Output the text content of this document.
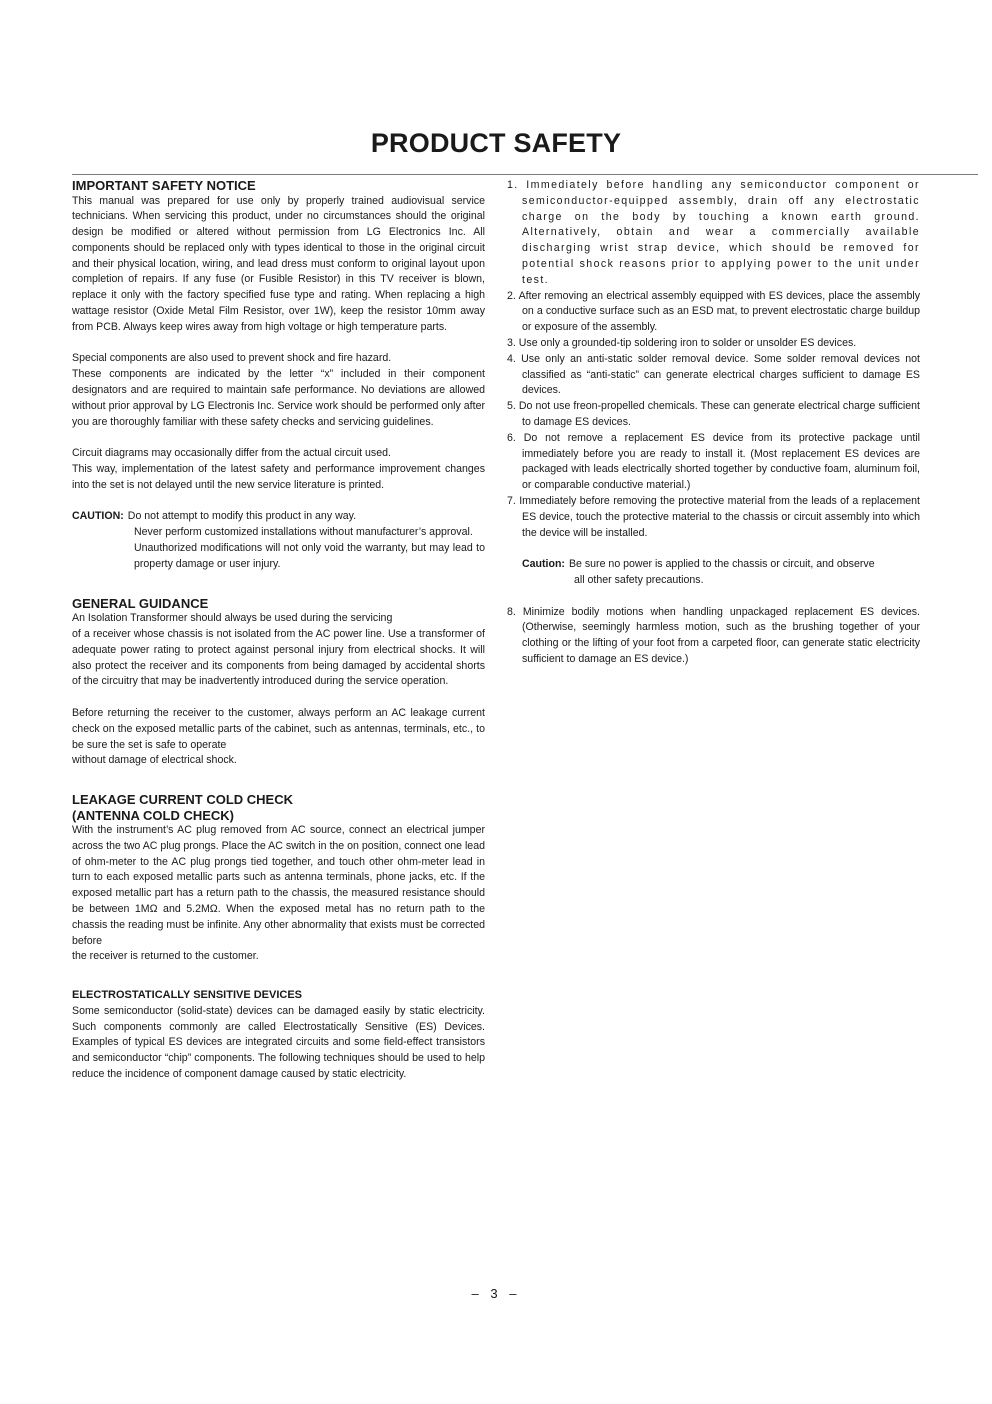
PRODUCT SAFETY
IMPORTANT SAFETY NOTICE

This manual was prepared for use only by properly trained audiovisual service technicians. When servicing this product, under no circumstances should the original design be modified or altered without permission from LG Electronics Inc. All components should be replaced only with types identical to those in the original circuit and their physical location, wiring, and lead dress must conform to original layout upon completion of repairs. If any fuse (or Fusible Resistor) in this TV receiver is blown, replace it only with the factory specified fuse type and rating. When replacing a high wattage resistor (Oxide Metal Film Resistor, over 1W), keep the resistor 10mm away from PCB. Always keep wires away from high voltage or high temperature parts.

Special components are also used to prevent shock and fire hazard.

These components are indicated by the letter “x” included in their component designators and are required to maintain safe performance. No deviations are allowed without prior approval by LG Electronis Inc. Service work should be performed only after you are thoroughly familiar with these safety checks and servicing guidelines.

Circuit diagrams may occasionally differ from the actual circuit used.

This way, implementation of the latest safety and performance improvement changes into the set is not delayed until the new service literature is printed.

CAUTION: Do not attempt to modify this product in any way.

Never perform customized installations without manufacturer’s approval.

Unauthorized modifications will not only void the warranty, but may lead to property damage or user injury.

GENERAL GUIDANCE

An Isolation Transformer should always be used during the servicing

of a receiver whose chassis is not isolated from the AC power line. Use a transformer of adequate power rating to protect against personal injury from electrical shocks. It will also protect the receiver and its components from being damaged by accidental shorts of the circuitry that may be inadvertently introduced during the service operation.

Before returning the receiver to the customer, always perform an AC leakage current check on the exposed metallic parts of the cabinet, such as antennas, terminals, etc., to be sure the set is safe to operate

without damage of electrical shock.

LEAKAGE CURRENT COLD CHECK
(ANTENNA COLD CHECK)

With the instrument’s AC plug removed from AC source, connect an electrical jumper across the two AC plug prongs. Place the AC switch in the on position, connect one lead of ohm-meter to the AC plug prongs tied together, and touch other ohm-meter lead in turn to each exposed metallic parts such as antenna terminals, phone jacks, etc. If the exposed metallic part has a return path to the chassis, the measured resistance should be between 1MΩ and 5.2MΩ. When the exposed metal has no return path to the chassis the reading must be infinite. Any other abnormality that exists must be corrected before

the receiver is returned to the customer.

ELECTROSTATICALLY SENSITIVE DEVICES

Some semiconductor (solid-state) devices can be damaged easily by static electricity. Such components commonly are called Electrostatically Sensitive (ES) Devices. Examples of typical ES devices are integrated circuits and some field-effect transistors and semiconductor “chip” components. The following techniques should be used to help reduce the incidence of component damage caused by static electricity.

1. Immediately before handling any semiconductor component or semiconductor-equipped assembly, drain off any electrostatic charge on the body by touching a known earth ground. Alternatively, obtain and wear a commercially available discharging wrist strap device, which should be removed for potential shock reasons prior to applying power to the unit under test.
2. After removing an electrical assembly equipped with ES devices, place the assembly on a conductive surface such as an ESD mat, to prevent electrostatic charge buildup or exposure of the assembly.
3. Use only a grounded-tip soldering iron to solder or unsolder ES devices.
4. Use only an anti-static solder removal device. Some solder removal devices not classified as “anti-static” can generate electrical charges sufficient to damage ES devices.
5. Do not use freon-propelled chemicals. These can generate electrical charge sufficient to damage ES devices.
6. Do not remove a replacement ES device from its protective package until immediately before you are ready to install it. (Most replacement ES devices are packaged with leads electrically shorted together by conductive foam, aluminum foil, or comparable conductive material.)
7. Immediately before removing the protective material from the leads of a replacement ES device, touch the protective material to the chassis or circuit assembly into which the device will be installed.

Caution: Be sure no power is applied to the chassis or circuit, and observe

all other safety precautions.

8. Minimize bodily motions when handling unpackaged replacement ES devices. (Otherwise, seemingly harmless motion, such as the brushing together of your clothing or the lifting of your foot from a carpeted floor, can generate static electricity sufficient to damage an ES device.)
– 3 –
